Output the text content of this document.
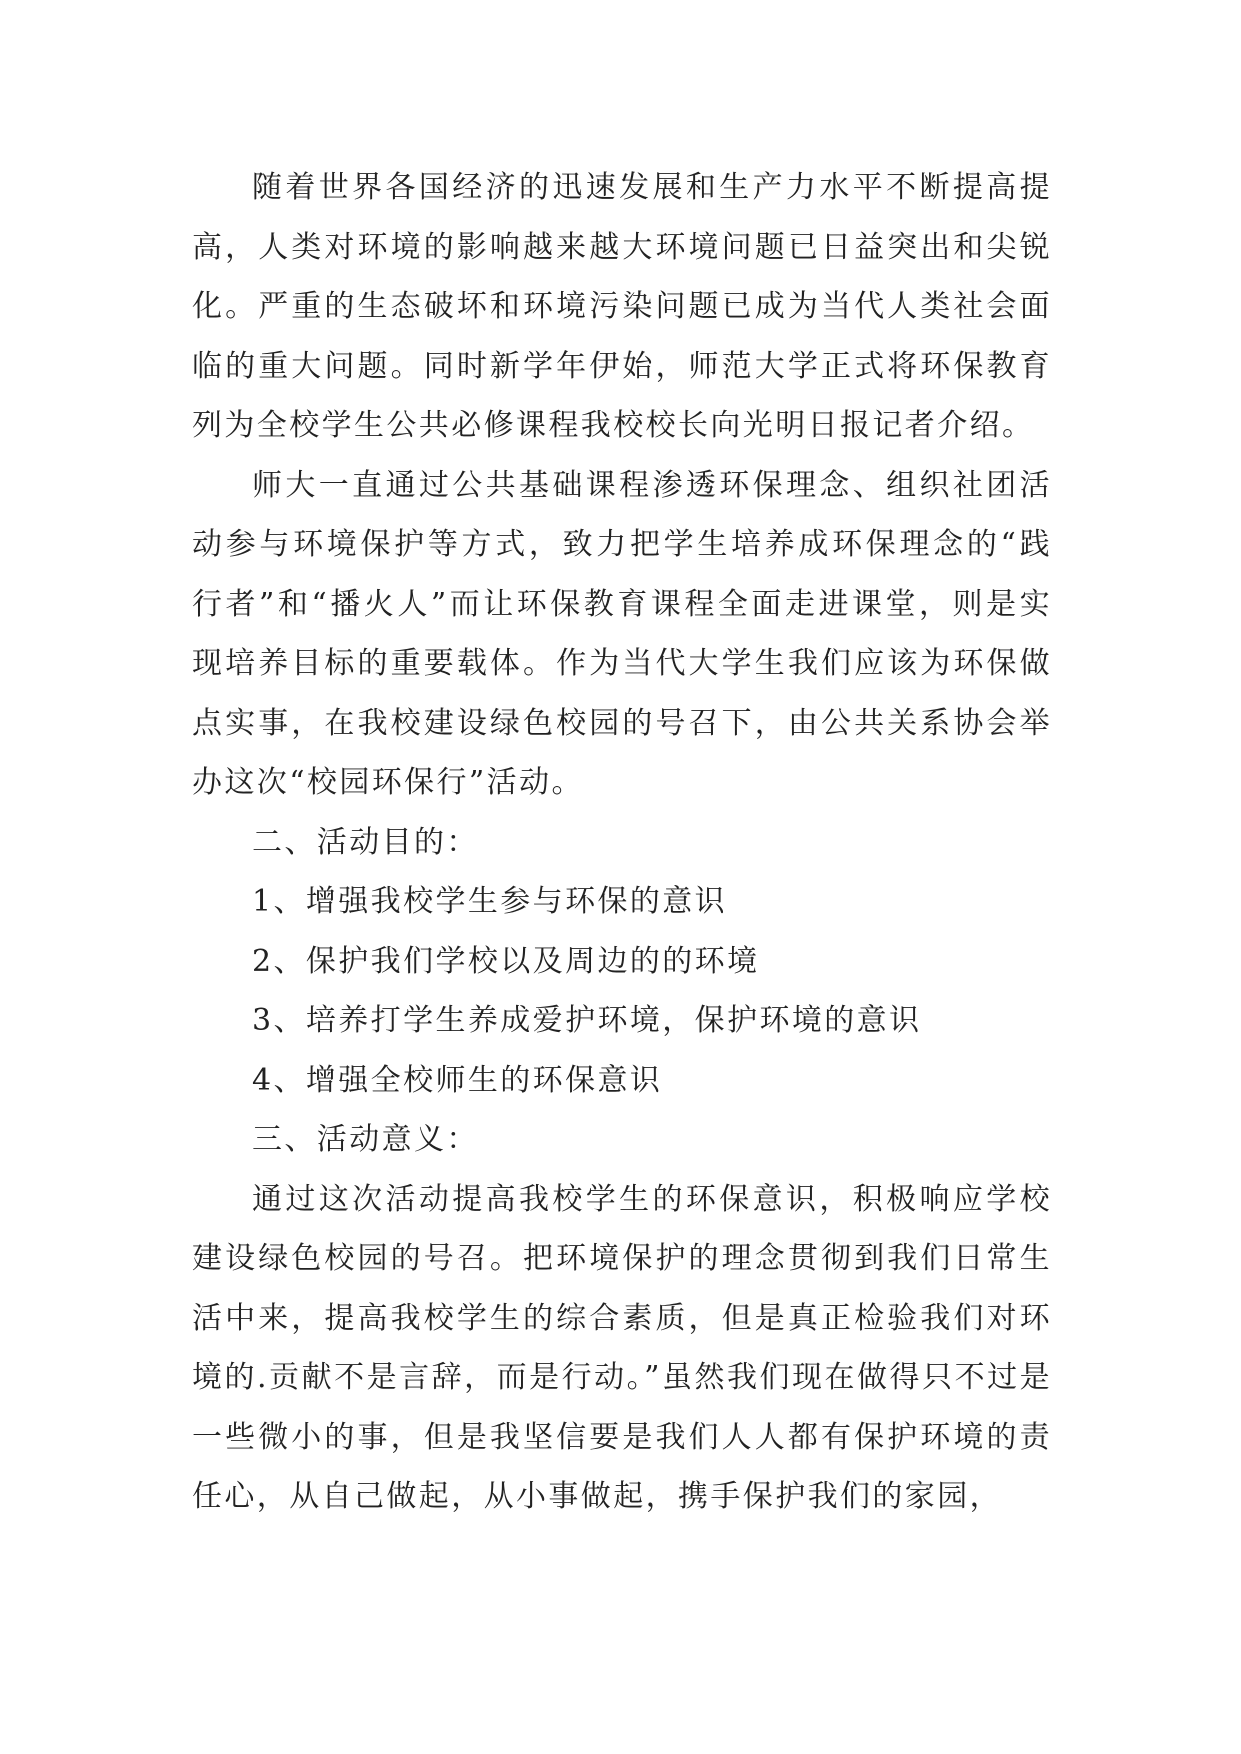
随着世界各国经济的迅速发展和生产力水平不断提高提高，人类对环境的影响越来越大环境问题已日益突出和尖锐化。严重的生态破坏和环境污染问题已成为当代人类社会面临的重大问题。同时新学年伊始，师范大学正式将环保教育列为全校学生公共必修课程我校校长向光明日报记者介绍。

师大一直通过公共基础课程渗透环保理念、组织社团活动参与环境保护等方式，致力把学生培养成环保理念的“践行者”和“播火人”而让环保教育课程全面走进课堂，则是实现培养目标的重要载体。作为当代大学生我们应该为环保做点实事，在我校建设绿色校园的号召下，由公共关系协会举办这次“校园环保行”活动。

二、活动目的：

1、增强我校学生参与环保的意识

2、保护我们学校以及周边的的环境

3、培养打学生养成爱护环境，保护环境的意识

4、增强全校师生的环保意识

三、活动意义：

通过这次活动提高我校学生的环保意识，积极响应学校建设绿色校园的号召。把环境保护的理念贯彻到我们日常生活中来，提高我校学生的综合素质，但是真正检验我们对环境的.贡献不是言辞，而是行动。”虽然我们现在做得只不过是一些微小的事，但是我坚信要是我们人人都有保护环境的责任心，从自己做起，从小事做起，携手保护我们的家园，
